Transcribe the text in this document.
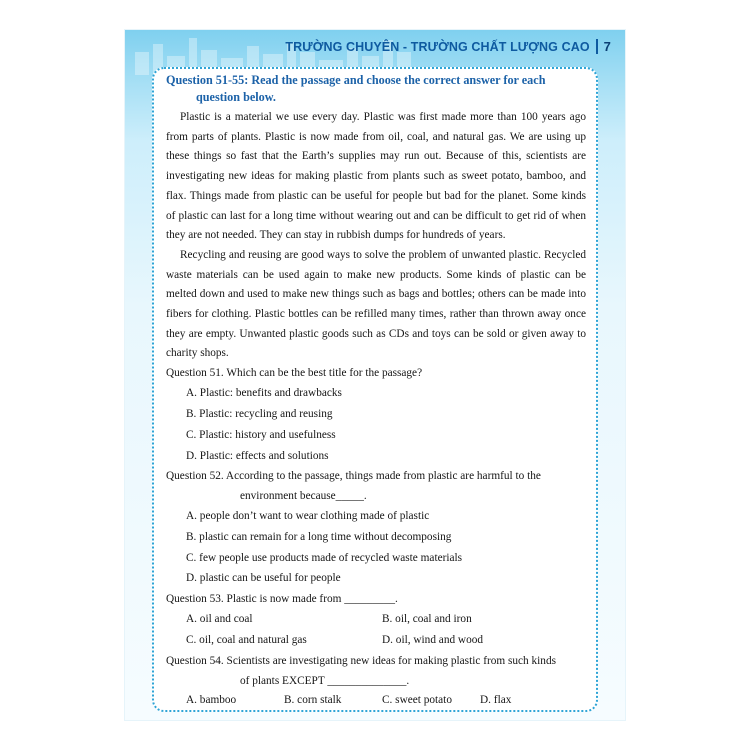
TRƯỜNG CHUYÊN - TRƯỜNG CHẤT LƯỢNG CAO 7

Question 51-55: Read the passage and choose the correct answer for each
question below.

Plastic is a material we use every day. Plastic was first made more than 100 years ago from parts of plants. Plastic is now made from oil, coal, and natural gas. We are using up these things so fast that the Earth’s supplies may run out. Because of this, scientists are investigating new ideas for making plastic from plants such as sweet potato, bamboo, and flax. Things made from plastic can be useful for people but bad for the planet. Some kinds of plastic can last for a long time without wearing out and can be difficult to get rid of when they are not needed. They can stay in rubbish dumps for hundreds of years.

Recycling and reusing are good ways to solve the problem of unwanted plastic. Recycled waste materials can be used again to make new products. Some kinds of plastic can be melted down and used to make new things such as bags and bottles; others can be made into fibers for clothing. Plastic bottles can be refilled many times, rather than thrown away once they are empty. Unwanted plastic goods such as CDs and toys can be sold or given away to charity shops.

Question 51. Which can be the best title for the passage?

A. Plastic: benefits and drawbacks

B. Plastic: recycling and reusing

C. Plastic: history and usefulness

D. Plastic: effects and solutions

Question 52. According to the passage, things made from plastic are harmful to the
environment because_____.

A. people don’t want to wear clothing made of plastic

B. plastic can remain for a long time without decomposing

C. few people use products made of recycled waste materials

D. plastic can be useful for people

Question 53. Plastic is now made from _________.

A. oil and coal	B. oil, coal and iron

C. oil, coal and natural gas	D. oil, wind and wood

Question 54. Scientists are investigating new ideas for making plastic from such kinds
of plants EXCEPT ______________.

A. bamboo	B. corn stalk	C. sweet potato	D. flax
